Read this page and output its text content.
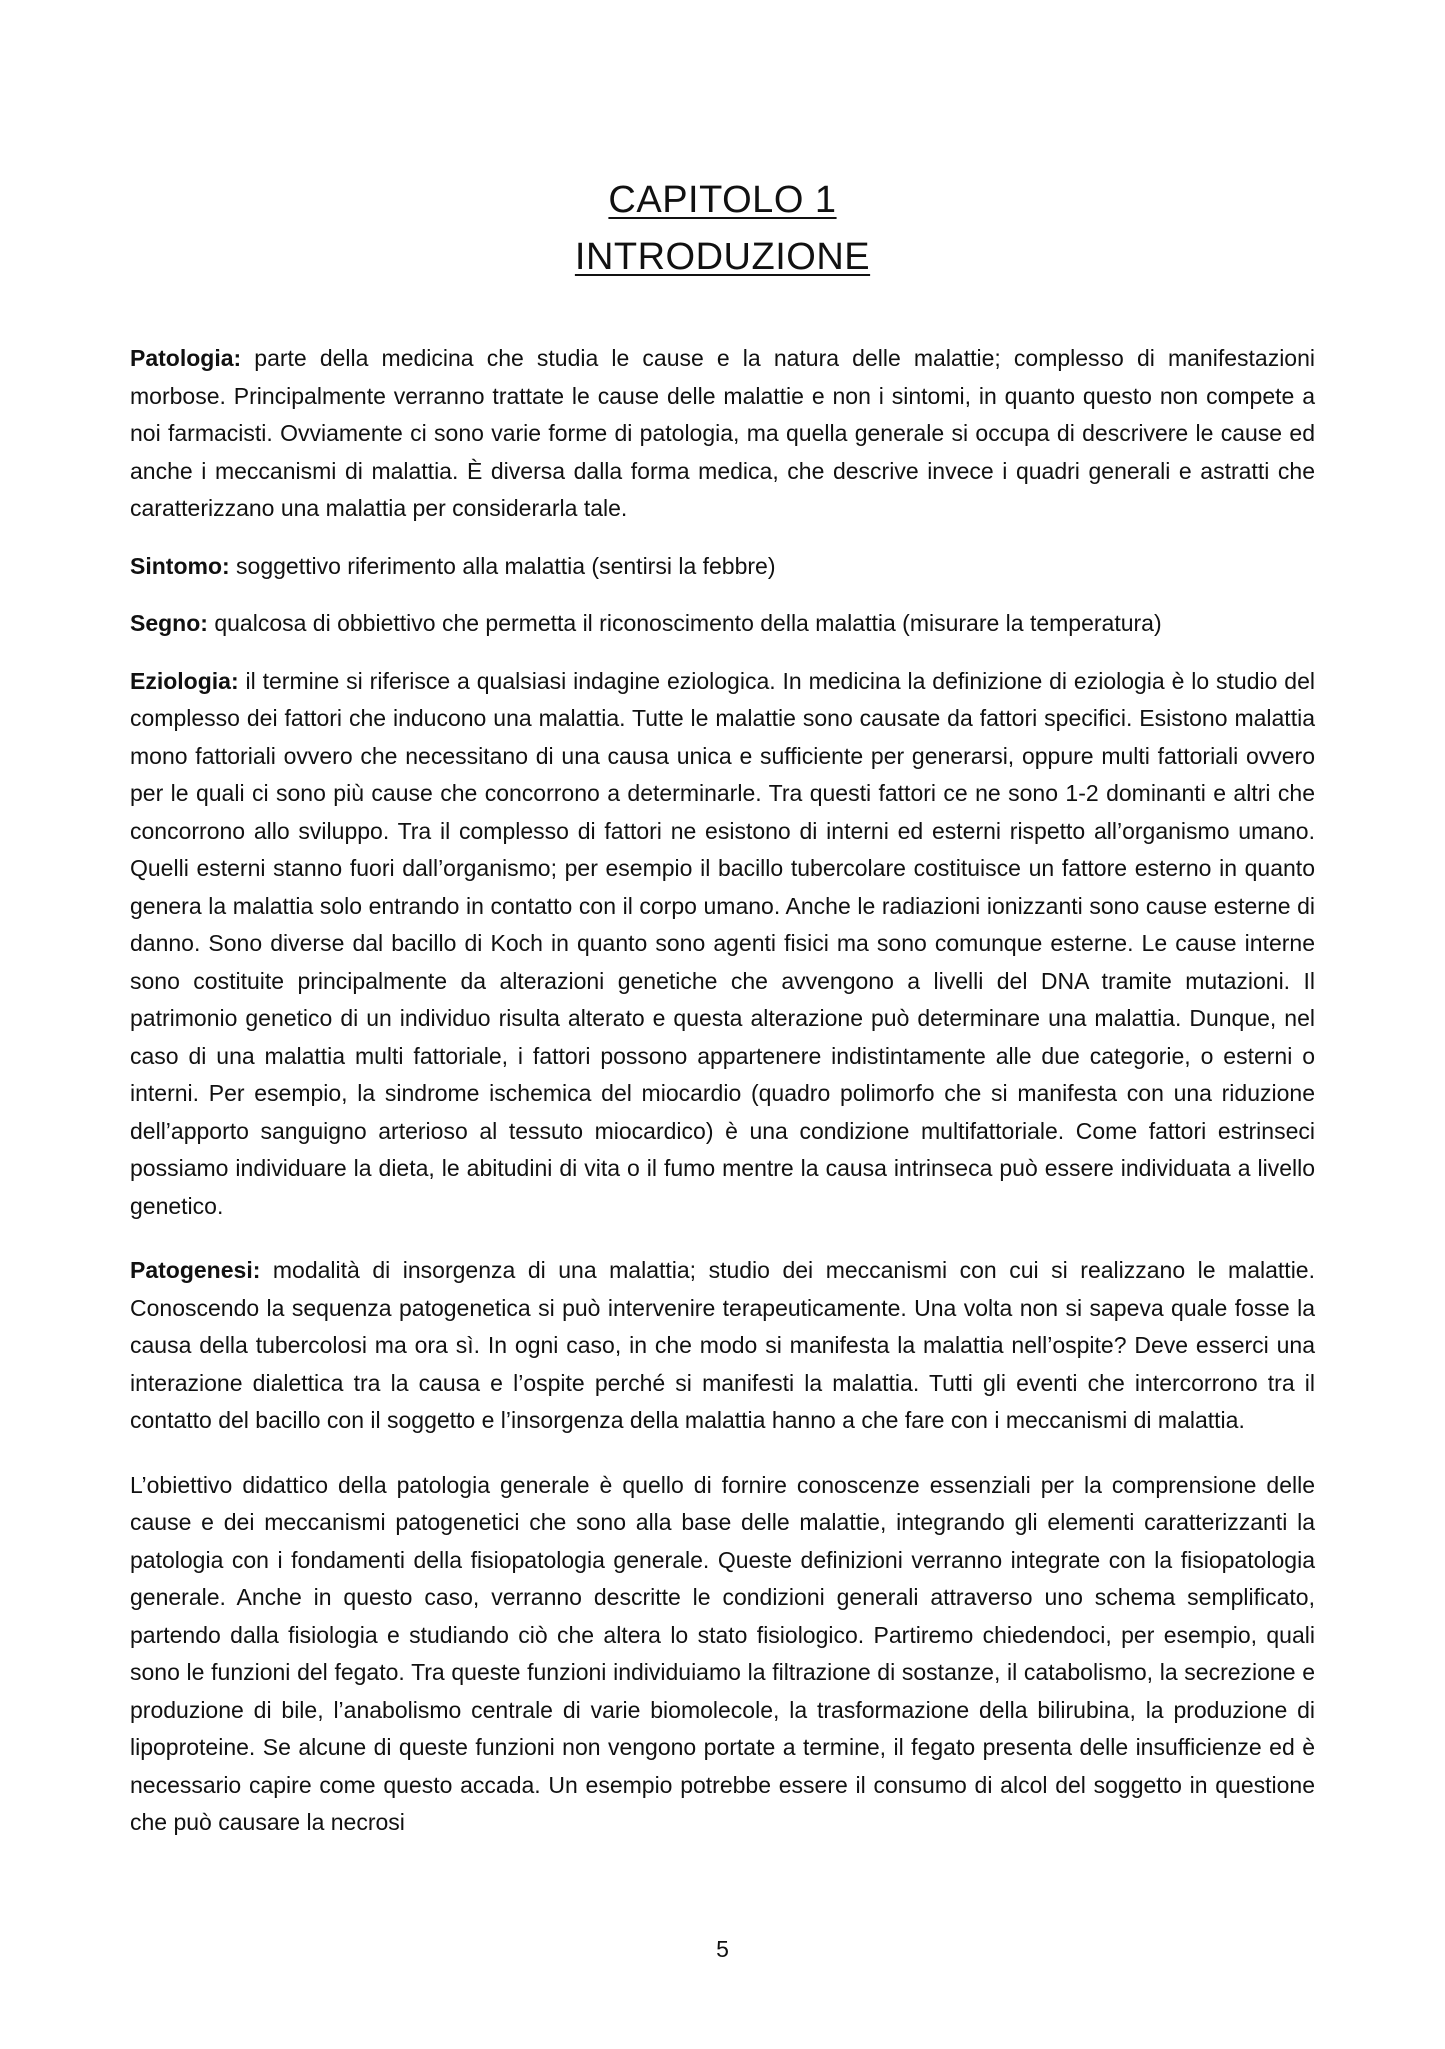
CAPITOLO 1
INTRODUZIONE

Patologia: parte della medicina che studia le cause e la natura delle malattie; complesso di manifestazioni morbose. Principalmente verranno trattate le cause delle malattie e non i sintomi, in quanto questo non compete a noi farmacisti. Ovviamente ci sono varie forme di patologia, ma quella generale si occupa di descrivere le cause ed anche i meccanismi di malattia. È diversa dalla forma medica, che descrive invece i quadri generali e astratti che caratterizzano una malattia per considerarla tale.

Sintomo: soggettivo riferimento alla malattia (sentirsi la febbre)

Segno: qualcosa di obbiettivo che permetta il riconoscimento della malattia (misurare la temperatura)

Eziologia: il termine si riferisce a qualsiasi indagine eziologica. In medicina la definizione di eziologia è lo studio del complesso dei fattori che inducono una malattia. Tutte le malattie sono causate da fattori specifici. Esistono malattia mono fattoriali ovvero che necessitano di una causa unica e sufficiente per generarsi, oppure multi fattoriali ovvero per le quali ci sono più cause che concorrono a determinarle. Tra questi fattori ce ne sono 1-2 dominanti e altri che concorrono allo sviluppo. Tra il complesso di fattori ne esistono di interni ed esterni rispetto all’organismo umano. Quelli esterni stanno fuori dall’organismo; per esempio il bacillo tubercolare costituisce un fattore esterno in quanto genera la malattia solo entrando in contatto con il corpo umano. Anche le radiazioni ionizzanti sono cause esterne di danno. Sono diverse dal bacillo di Koch in quanto sono agenti fisici ma sono comunque esterne. Le cause interne sono costituite principalmente da alterazioni genetiche che avvengono a livelli del DNA tramite mutazioni. Il patrimonio genetico di un individuo risulta alterato e questa alterazione può determinare una malattia. Dunque, nel caso di una malattia multi fattoriale, i fattori possono appartenere indistintamente alle due categorie, o esterni o interni. Per esempio, la sindrome ischemica del miocardio (quadro polimorfo che si manifesta con una riduzione dell’apporto sanguigno arterioso al tessuto miocardico) è una condizione multifattoriale. Come fattori estrinseci possiamo individuare la dieta, le abitudini di vita o il fumo mentre la causa intrinseca può essere individuata a livello genetico.

Patogenesi: modalità di insorgenza di una malattia; studio dei meccanismi con cui si realizzano le malattie. Conoscendo la sequenza patogenetica si può intervenire terapeuticamente. Una volta non si sapeva quale fosse la causa della tubercolosi ma ora sì. In ogni caso, in che modo si manifesta la malattia nell’ospite? Deve esserci una interazione dialettica tra la causa e l’ospite perché si manifesti la malattia. Tutti gli eventi che intercorrono tra il contatto del bacillo con il soggetto e l’insorgenza della malattia hanno a che fare con i meccanismi di malattia.

L’obiettivo didattico della patologia generale è quello di fornire conoscenze essenziali per la comprensione delle cause e dei meccanismi patogenetici che sono alla base delle malattie, integrando gli elementi caratterizzanti la patologia con i fondamenti della fisiopatologia generale. Queste definizioni verranno integrate con la fisiopatologia generale. Anche in questo caso, verranno descritte le condizioni generali attraverso uno schema semplificato, partendo dalla fisiologia e studiando ciò che altera lo stato fisiologico. Partiremo chiedendoci, per esempio, quali sono le funzioni del fegato. Tra queste funzioni individuiamo la filtrazione di sostanze, il catabolismo, la secrezione e produzione di bile, l’anabolismo centrale di varie biomolecole, la trasformazione della bilirubina, la produzione di lipoproteine. Se alcune di queste funzioni non vengono portate a termine, il fegato presenta delle insufficienze ed è necessario capire come questo accada. Un esempio potrebbe essere il consumo di alcol del soggetto in questione che può causare la necrosi

5
